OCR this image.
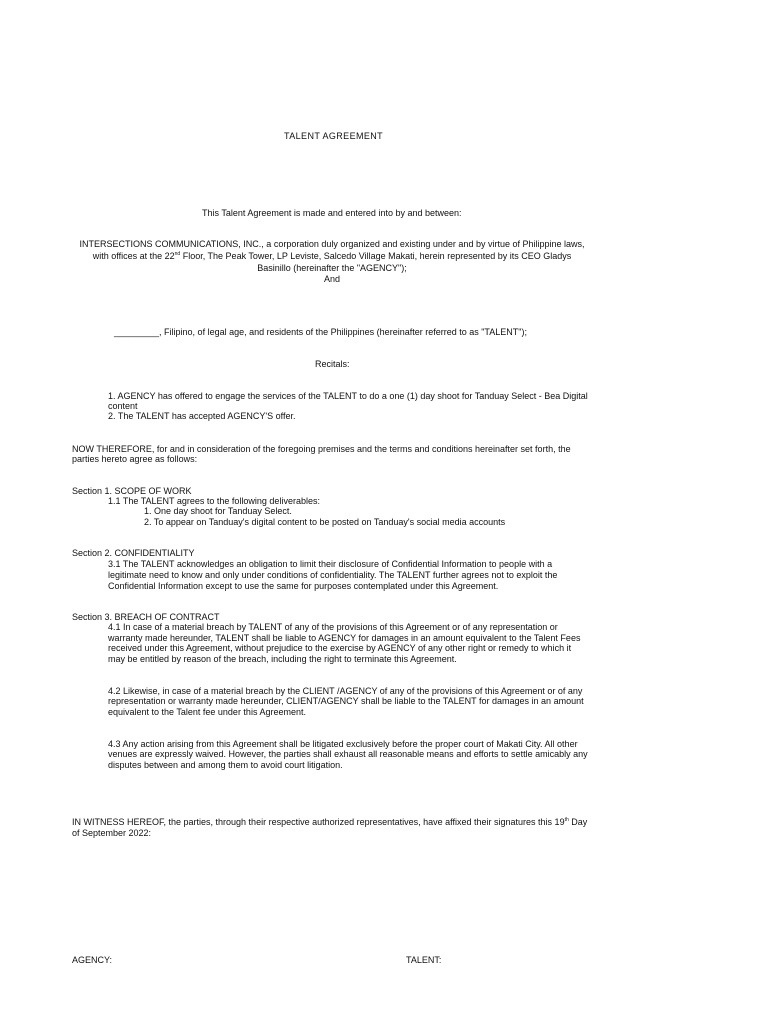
TALENT AGREEMENT
This Talent Agreement is made and entered into by and between:
INTERSECTIONS COMMUNICATIONS, INC., a corporation duly organized and existing under and by virtue of Philippine laws,
with offices at the 22nd Floor, The Peak Tower, LP Leviste, Salcedo Village Makati, herein represented by its CEO Gladys
Basinillo (hereinafter the "AGENCY");
And
_________, Filipino, of legal age, and residents of the Philippines (hereinafter referred to as "TALENT");
Recitals:
1. AGENCY has offered to engage the services of the TALENT to do a one (1) day shoot for Tanduay Select - Bea Digital
content
2. The TALENT has accepted AGENCY'S offer.
NOW THEREFORE, for and in consideration of the foregoing premises and the terms and conditions hereinafter set forth, the
parties hereto agree as follows:
Section 1. SCOPE OF WORK
1.1 The TALENT agrees to the following deliverables:
1. One day shoot for Tanduay Select.
2. To appear on Tanduay's digital content to be posted on Tanduay's social media accounts
Section 2. CONFIDENTIALITY
3.1 The TALENT acknowledges an obligation to limit their disclosure of Confidential Information to people with a
legitimate need to know and only under conditions of confidentiality. The TALENT further agrees not to exploit the
Confidential Information except to use the same for purposes contemplated under this Agreement.
Section 3. BREACH OF CONTRACT
4.1 In case of a material breach by TALENT of any of the provisions of this Agreement or of any representation or
warranty made hereunder, TALENT shall be liable to AGENCY for damages in an amount equivalent to the Talent Fees
received under this Agreement, without prejudice to the exercise by AGENCY of any other right or remedy to which it
may be entitled by reason of the breach, including the right to terminate this Agreement.
4.2 Likewise, in case of a material breach by the CLIENT /AGENCY of any of the provisions of this Agreement or of any
representation or warranty made hereunder, CLIENT/AGENCY shall be liable to the TALENT for damages in an amount
equivalent to the Talent fee under this Agreement.
4.3 Any action arising from this Agreement shall be litigated exclusively before the proper court of Makati City. All other
venues are expressly waived. However, the parties shall exhaust all reasonable means and efforts to settle amicably any
disputes between and among them to avoid court litigation.
IN WITNESS HEREOF, the parties, through their respective authorized representatives, have affixed their signatures this 19th Day
of September 2022:
AGENCY:	TALENT:
